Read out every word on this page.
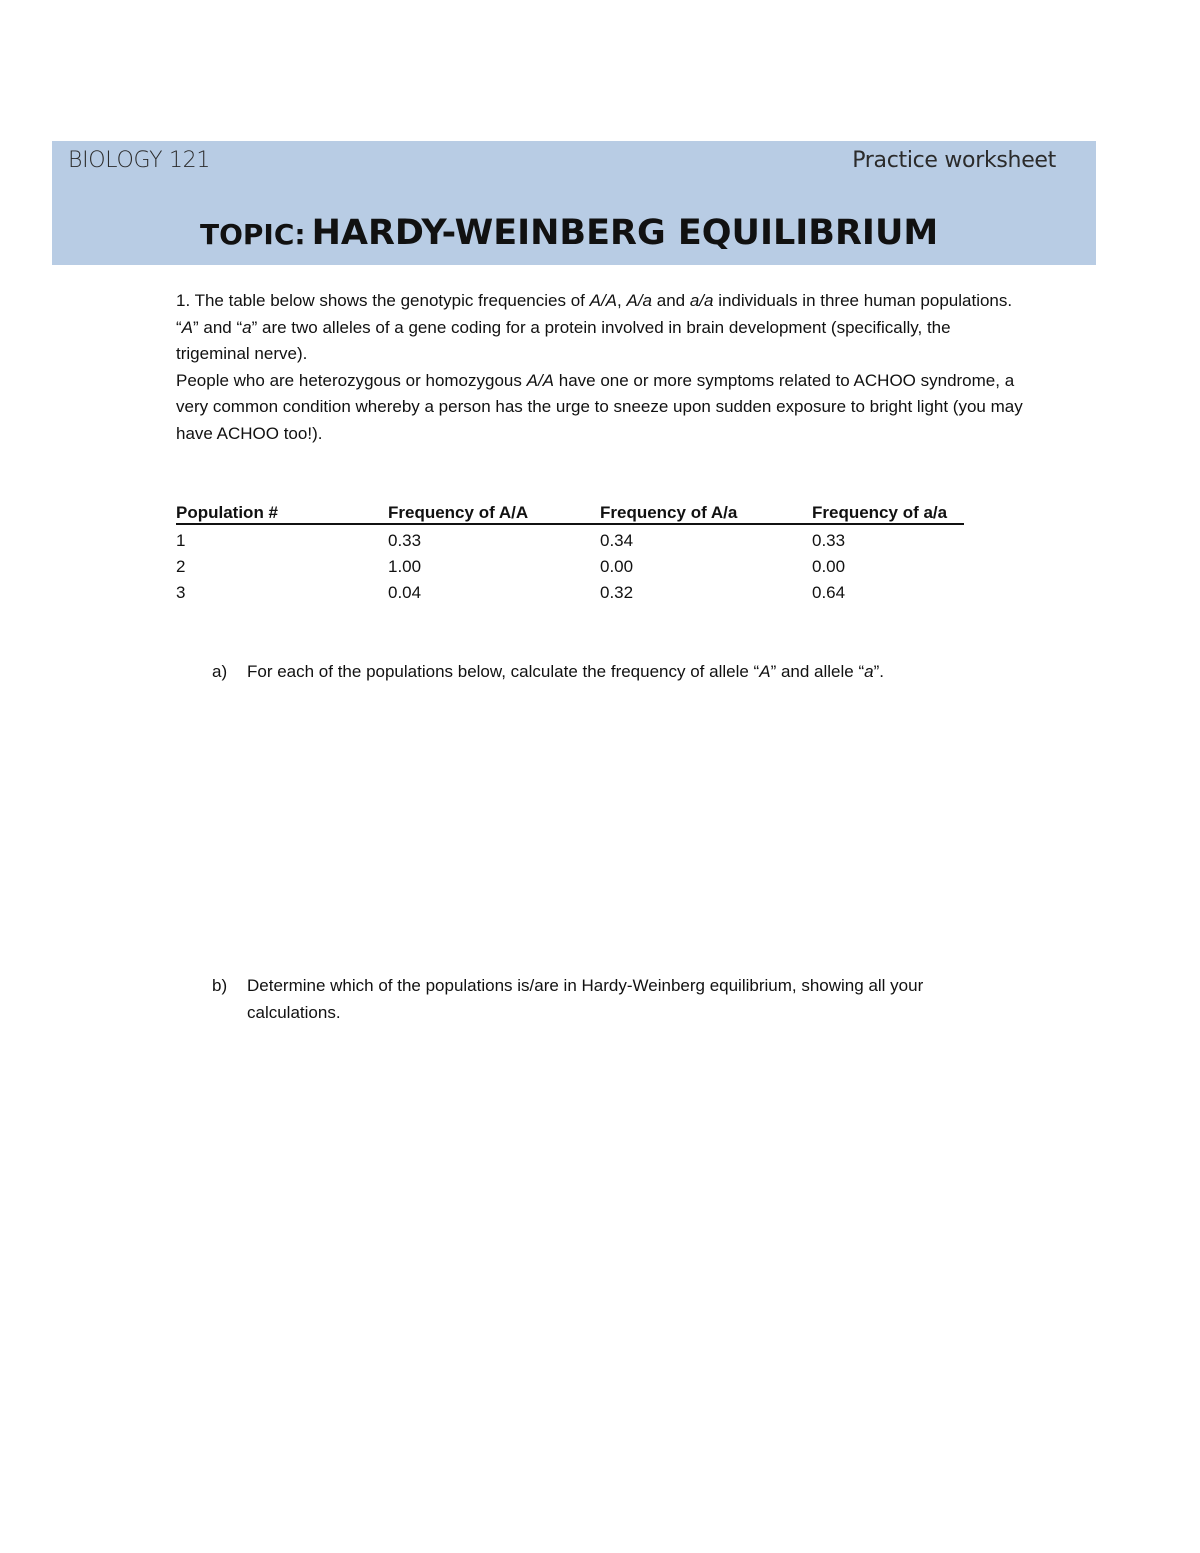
BIOLOGY 121	Practice worksheet
TOPIC: HARDY-WEINBERG EQUILIBRIUM

1. The table below shows the genotypic frequencies of A/A, A/a and a/a individuals in three human populations. “A” and “a” are two alleles of a gene coding for a protein involved in brain development (specifically, the trigeminal nerve).

People who are heterozygous or homozygous A/A have one or more symptoms related to ACHOO syndrome, a very common condition whereby a person has the urge to sneeze upon sudden exposure to bright light (you may have ACHOO too!).

Population #	Frequency of A/A	Frequency of A/a	Frequency of a/a
1	0.33	0.34	0.33
2	1.00	0.00	0.00
3	0.04	0.32	0.64
a) For each of the populations below, calculate the frequency of allele “A” and allele “a”.
b) Determine which of the populations is/are in Hardy-Weinberg equilibrium, showing all your calculations.
